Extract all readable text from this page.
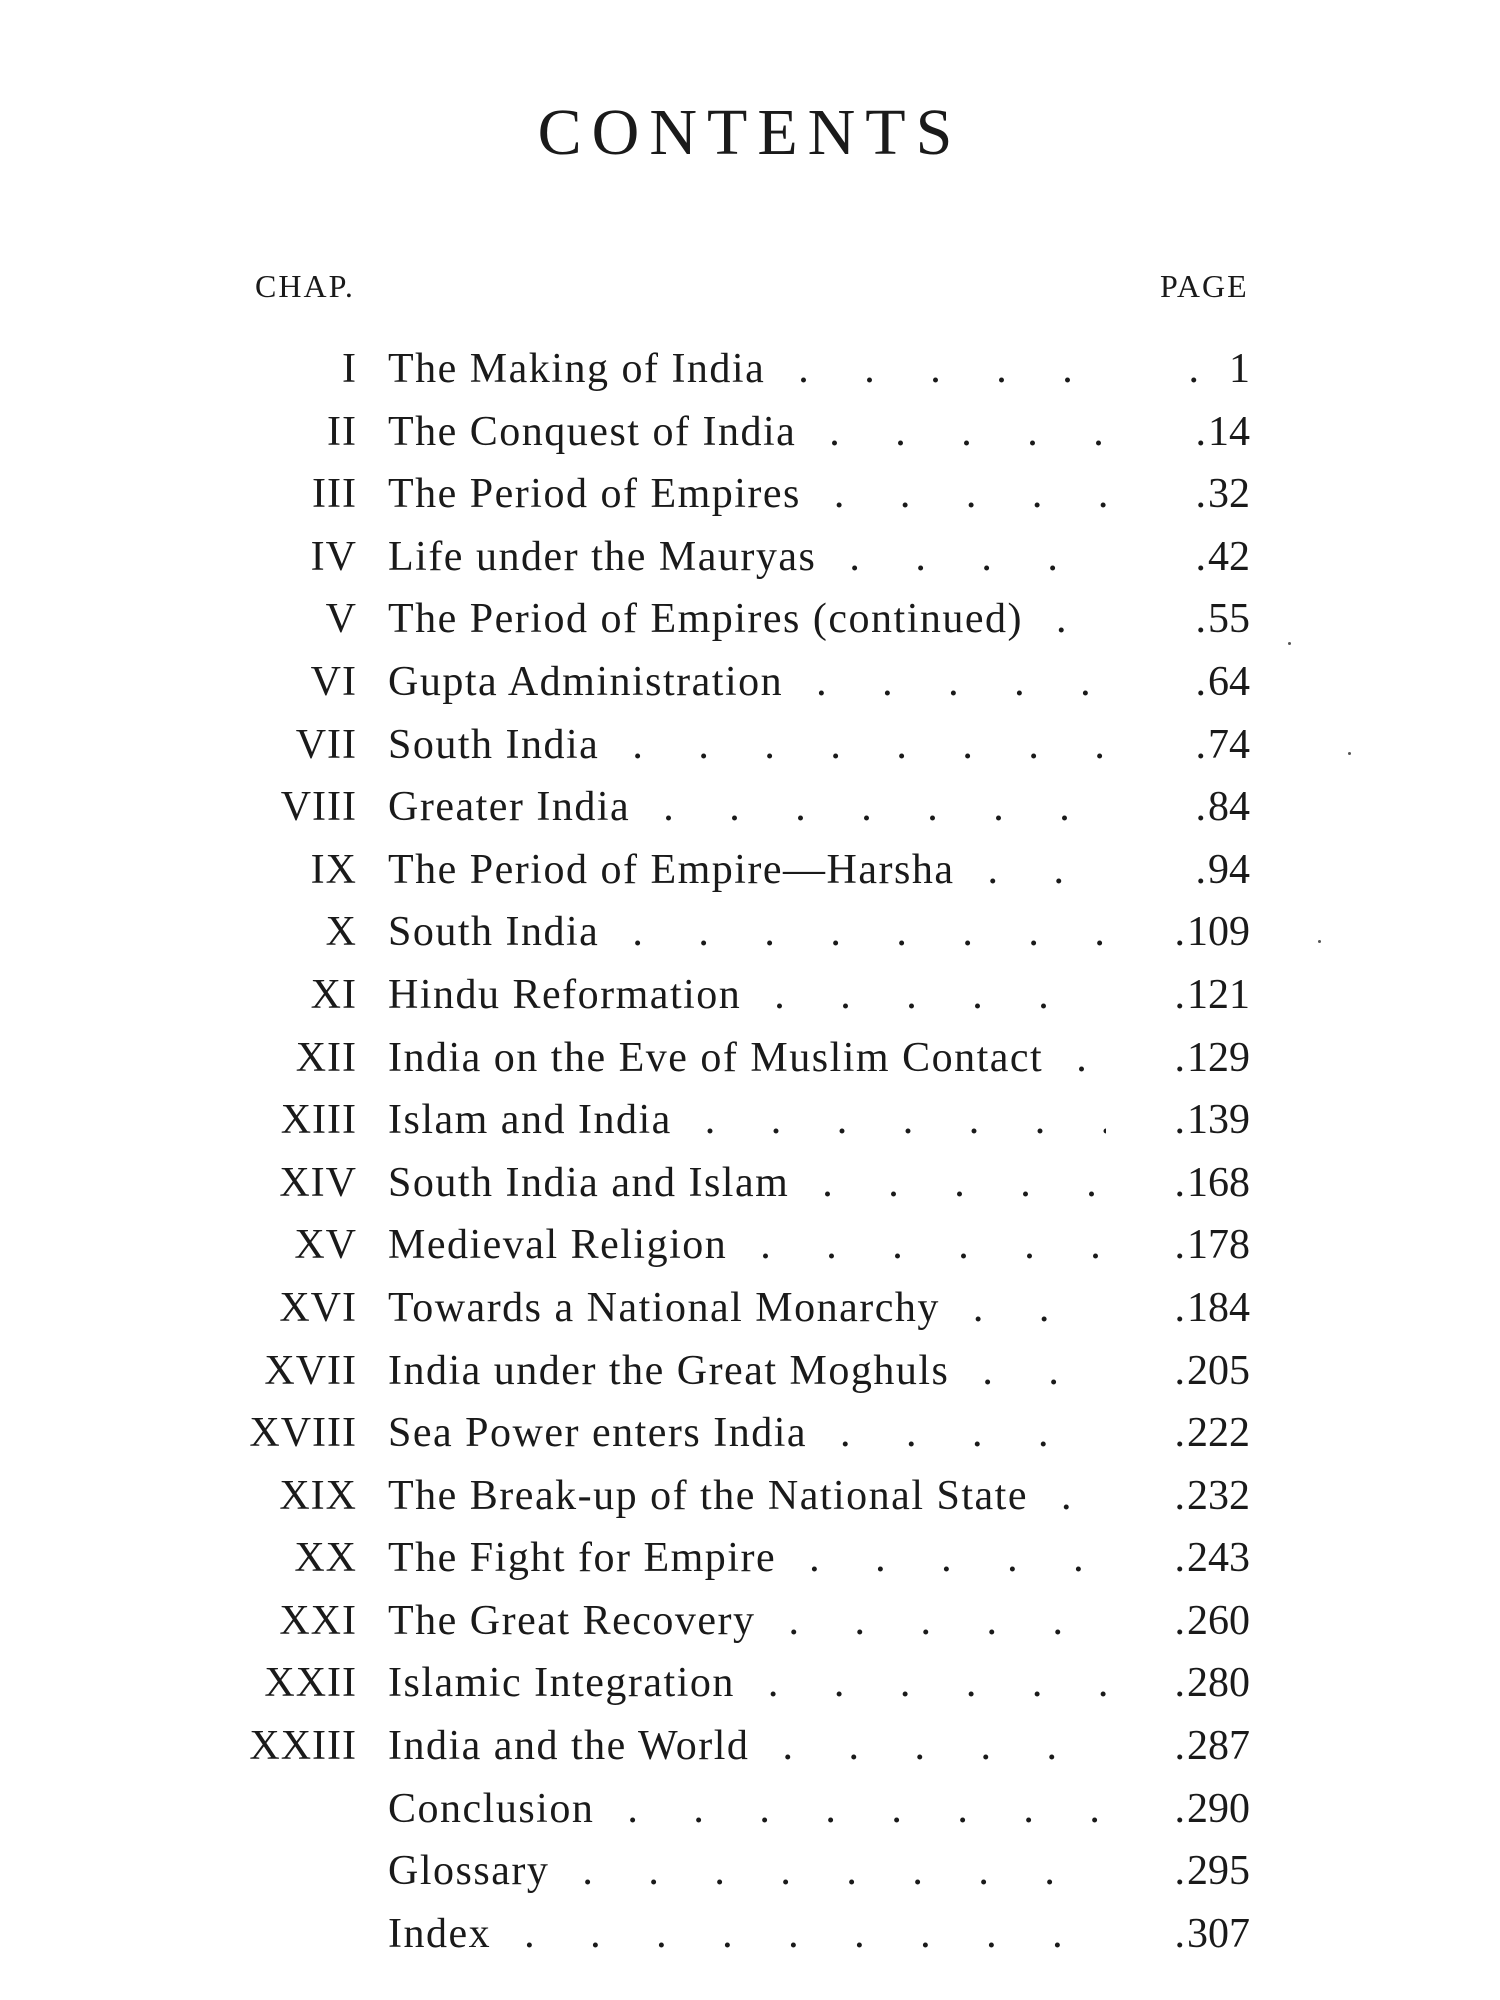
CONTENTS
CHAP.	PAGE
I The Making of India . .	. 1
II The Conquest of India . .	. 14
III The Period of Empires . .	. 32
IV Life under the Mauryas . .	. 42
V The Period of Empires (continued) . .	. 55
VI Gupta Administration . .	. 64
VII South India . .	. 74
VIII Greater India . .	. 84
IX The Period of Empire—Harsha . .	. 94
X South India . .	. 109
XI Hindu Reformation . .	. 121
XII India on the Eve of Muslim Contact . .	. 129
XIII Islam and India . .	. 139
XIV South India and Islam . .	. 168
XV Medieval Religion . .	. 178
XVI Towards a National Monarchy . .	. 184
XVII India under the Great Moghuls . .	. 205
XVIII Sea Power enters India . .	. 222
XIX The Break-up of the National State . .	. 232
XX The Fight for Empire . .	. 243
XXI The Great Recovery . .	. 260
XXII Islamic Integration . .	. 280
XXIII India and the World . .	. 287
Conclusion . .	. 290
Glossary . .	. 295
Index . .	. 307
